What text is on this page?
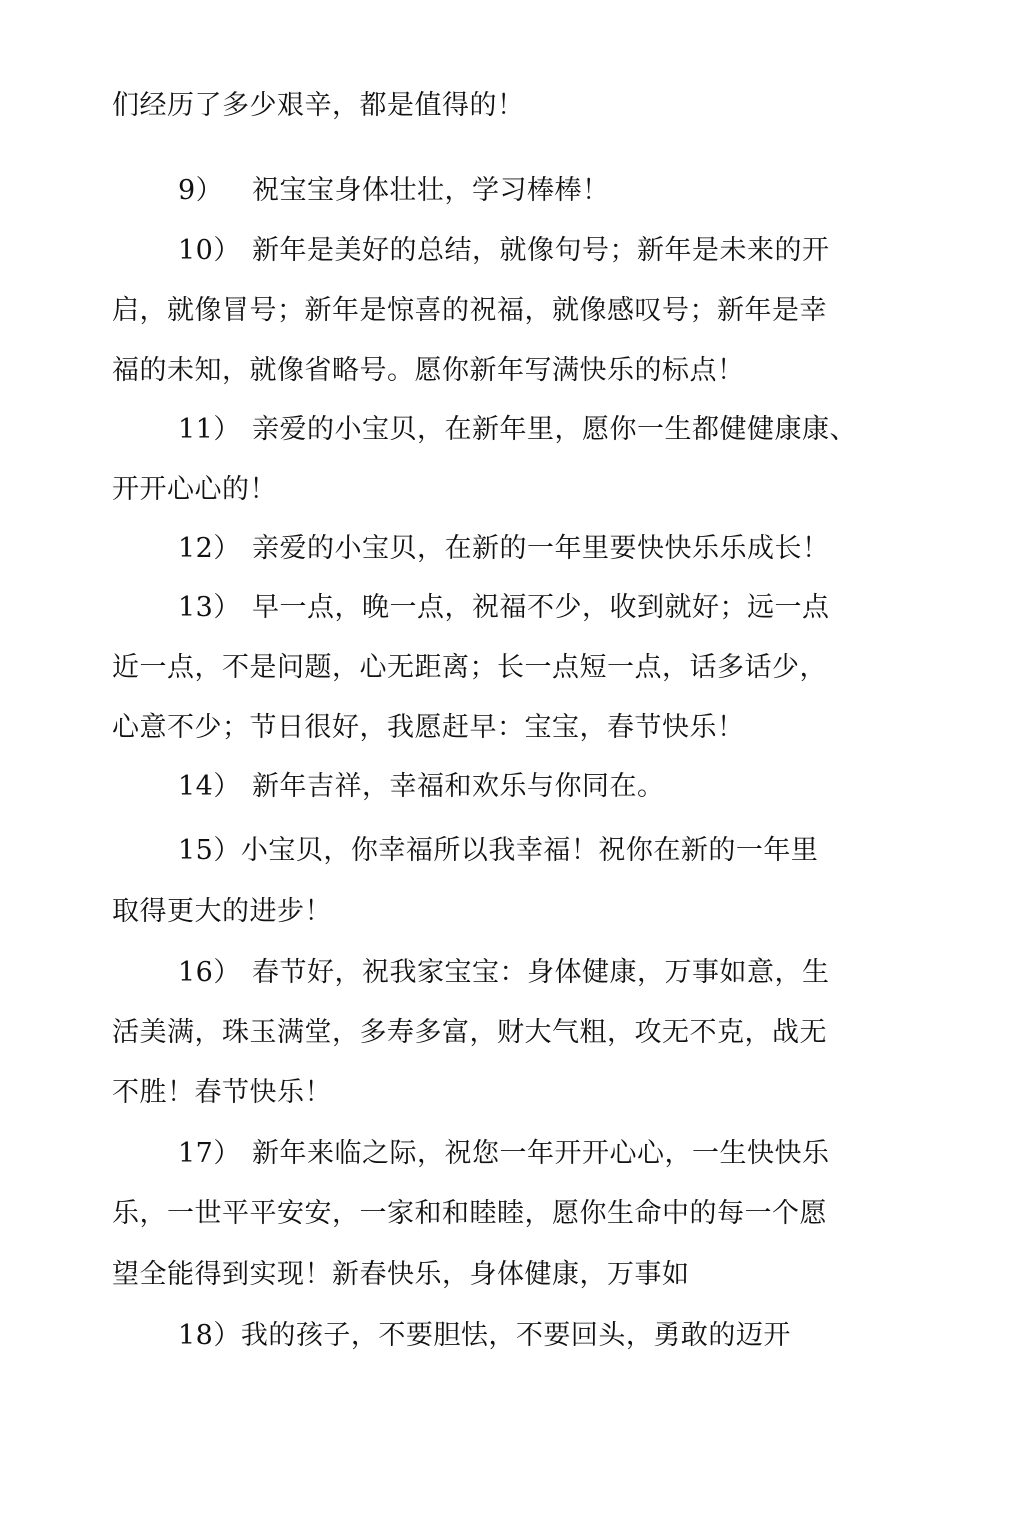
们经历了多少艰辛，都是值得的！
9） 祝宝宝身体壮壮，学习棒棒！
10） 新年是美好的总结，就像句号；新年是未来的开
启，就像冒号；新年是惊喜的祝福，就像感叹号；新年是幸
福的未知，就像省略号。愿你新年写满快乐的标点！
11） 亲爱的小宝贝，在新年里，愿你一生都健健康康、
开开心心的！
12） 亲爱的小宝贝，在新的一年里要快快乐乐成长！
13） 早一点，晚一点，祝福不少，收到就好；远一点
近一点，不是问题，心无距离；长一点短一点，话多话少，
心意不少；节日很好，我愿赶早：宝宝，春节快乐！
14） 新年吉祥，幸福和欢乐与你同在。
15）小宝贝，你幸福所以我幸福！祝你在新的一年里
取得更大的进步！
16） 春节好，祝我家宝宝：身体健康，万事如意，生
活美满，珠玉满堂，多寿多富，财大气粗，攻无不克，战无
不胜！春节快乐！
17） 新年来临之际，祝您一年开开心心，一生快快乐
乐，一世平平安安，一家和和睦睦，愿你生命中的每一个愿
望全能得到实现！新春快乐，身体健康，万事如
18）我的孩子，不要胆怯，不要回头，勇敢的迈开
